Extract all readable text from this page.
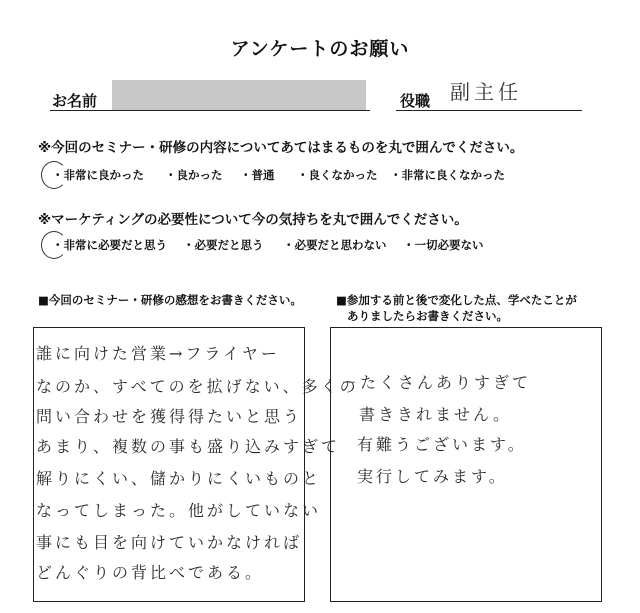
アンケートのお願い
お名前	役職 副主任
※今回のセミナー・研修の内容についてあてはまるものを丸で囲んでください。
・非常に良かった ・良かった ・普通 ・良くなかった ・非常に良くなかった
※マーケティングの必要性について今の気持ちを丸で囲んでください。
・非常に必要だと思う ・必要だと思う ・必要だと思わない ・一切必要ない
■今回のセミナー・研修の感想をお書きください。
誰に向けた営業→フライヤー
なのか、すべてのを拡げない、多くの
問い合わせを獲得得たいと思う
あまり、複数の事も盛り込みすぎて
解りにくい、儲かりにくいものと
なってしまった。他がしていない
事にも目を向けていかなければ
どんぐりの背比べである。
■参加する前と後で変化した点、学べたことが
ありましたらお書きください。
－たくさんありすぎて
書ききれません。
有難うございます。
実行してみます。
